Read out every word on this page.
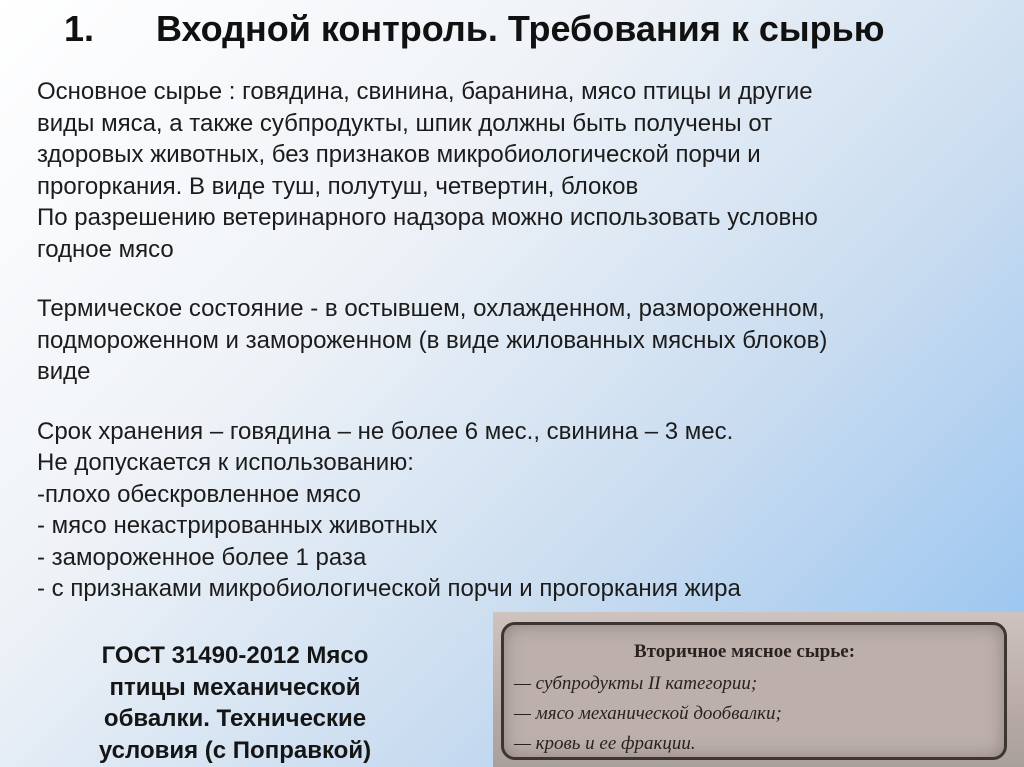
1.	Входной контроль. Требования к сырью

Основное сырье : говядина, свинина, баранина, мясо птицы и другие

виды мяса, а также субпродукты, шпик должны быть получены от

здоровых животных, без признаков микробиологической порчи и

прогоркания. В виде туш, полутуш, четвертин, блоков

По разрешению ветеринарного надзора можно использовать условно

годное мясо

Термическое состояние - в остывшем, охлажденном, размороженном,

подмороженном и замороженном (в виде жилованных мясных блоков)

виде

Срок хранения – говядина – не более 6 мес., свинина – 3 мес.

Не допускается к использованию:

-плохо обескровленное мясо

- мясо некастрированных животных

- замороженное более 1 раза

- с признаками микробиологической порчи и прогоркания жира

ГОСТ 31490-2012 Мясо
птицы механической
обвалки. Технические
условия (с Поправкой)
Вторичное мясное сырье:
— субпродукты II категории;
— мясо механической дообвалки;
— кровь и ее фракции.
